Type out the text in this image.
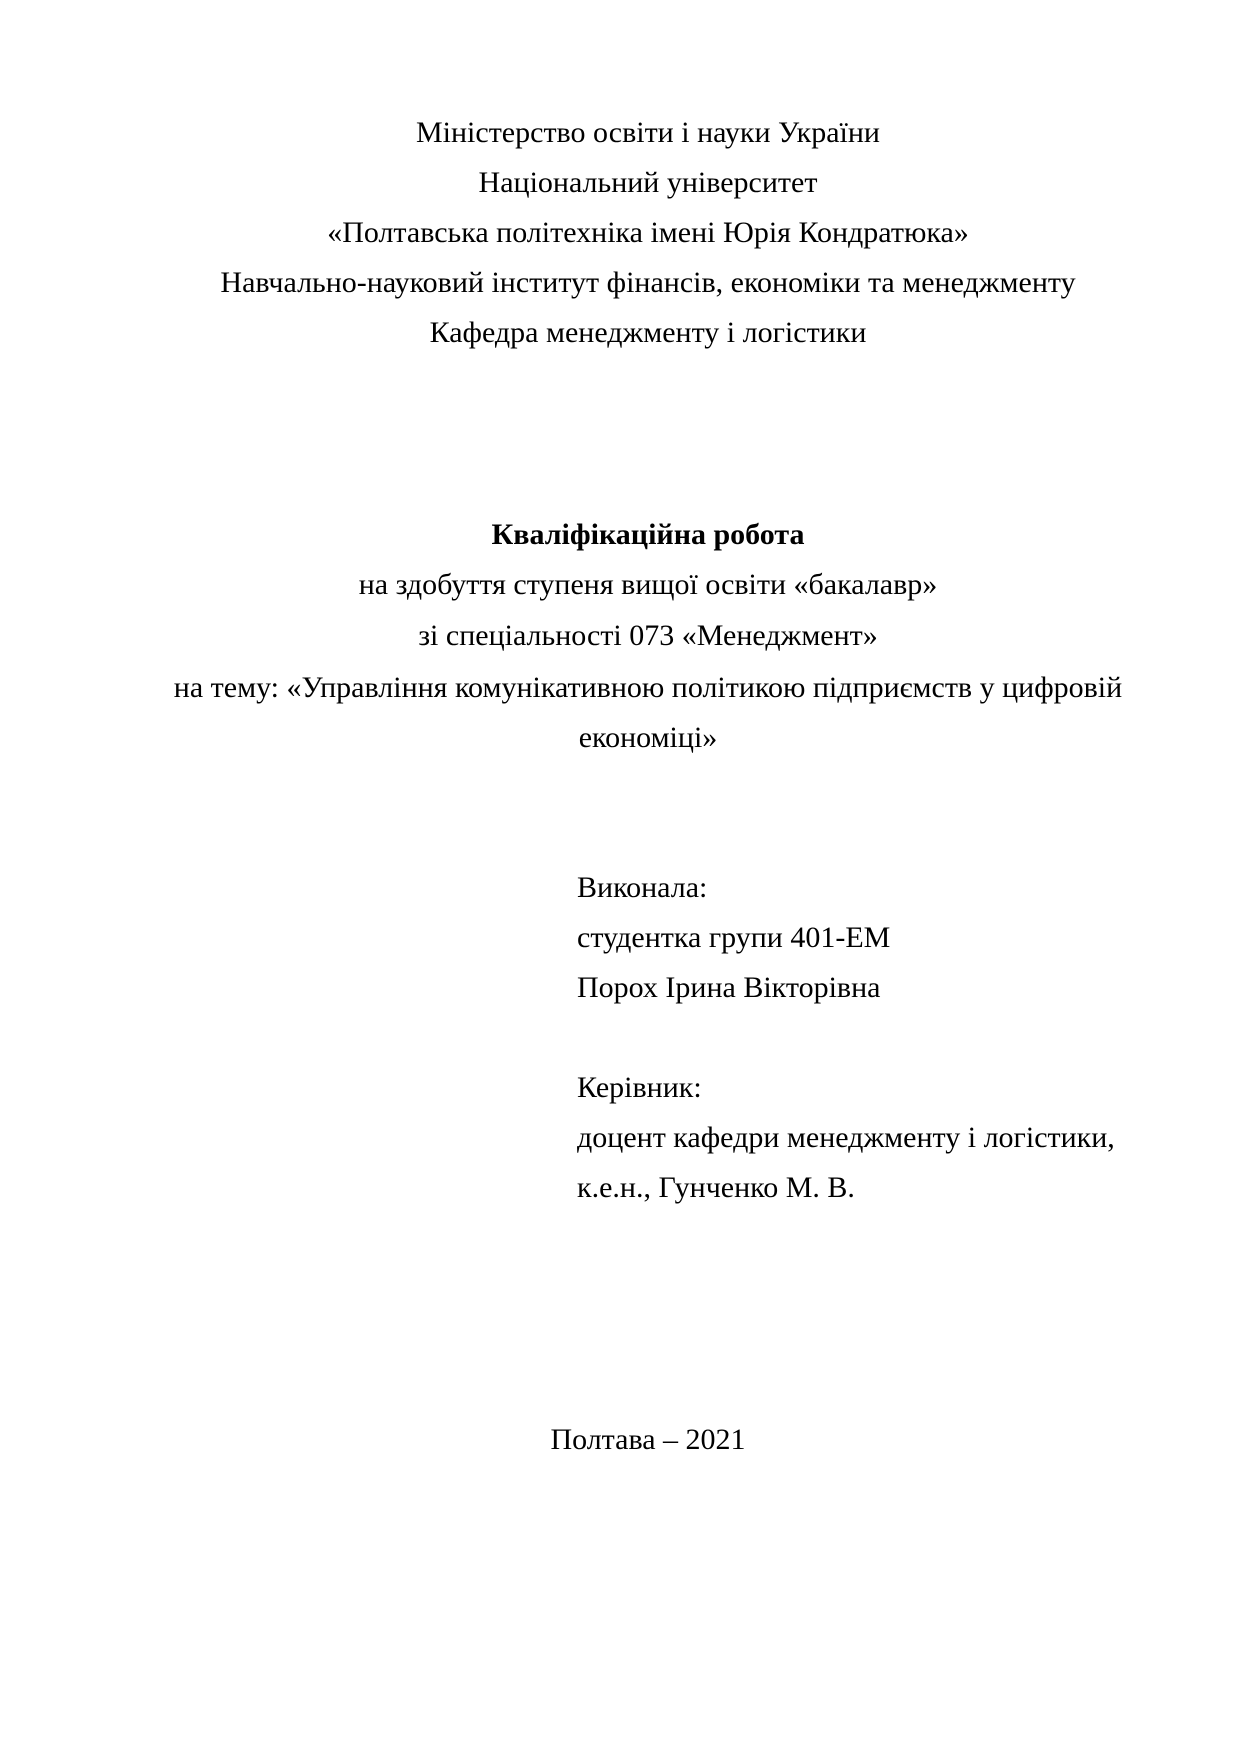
Міністерство освіти і науки України
Національний університет
«Полтавська політехніка імені Юрія Кондратюка»
Навчально-науковий інститут фінансів, економіки та менеджменту
Кафедра менеджменту і логістики
Кваліфікаційна робота
на здобуття ступеня вищої освіти «бакалавр»
зі спеціальності 073 «Менеджмент»
на тему: «Управління комунікативною політикою підприємств у цифровій
економіці»
Виконала:
студентка групи 401-ЕМ
Порох Ірина Вікторівна
Керівник:
доцент кафедри менеджменту і логістики,
к.е.н., Гунченко М. В.
Полтава – 2021
